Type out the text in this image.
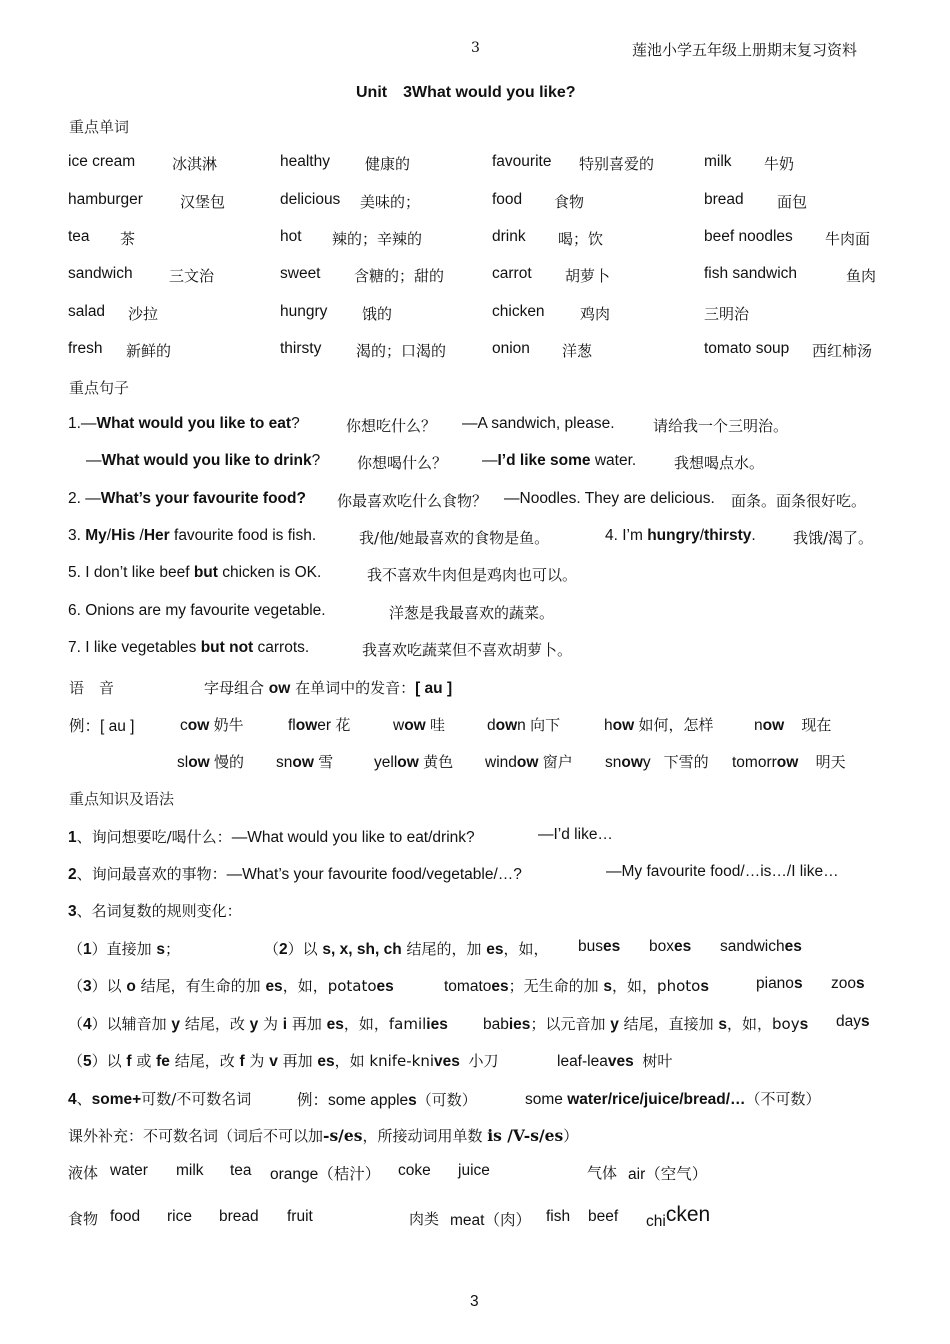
3	莲池小学五年级上册期末复习资料
Unit　3What would you like?
重点单词
ice cream 冰淇淋	healthy 健康的	favourite 特别喜爱的	milk 牛奶
hamburger 汉堡包	delicious 美味的；	food 食物	bread 面包
tea 茶	hot 辣的；辛辣的	drink 喝；饮	beef noodles 牛肉面
sandwich 三文治	sweet 含糖的；甜的	carrot 胡萝卜	fish sandwich	鱼肉
salad 沙拉	hungry 饿的	chicken 鸡肉	三明治
fresh 新鲜的	thirsty 渴的；口渴的	onion 洋葱	tomato soup 西红柿汤
重点句子
1.—What would you like to eat?	你想吃什么？ —A sandwich, please.	请给我一个三明治。
—What would you like to drink? 你想喝什么？ —I’d like some water.	我想喝点水。
2. —What’s your favourite food? 你最喜欢吃什么食物？ —Noodles. They are delicious. 面条。面条很好吃。
3. My/His /Her favourite food is fish.	我/他/她最喜欢的食物是鱼。	4. I’m hungry/thirsty. 我饿/渴了。
5. I don’t like beef but chicken is OK.	我不喜欢牛肉但是鸡肉也可以。
6. Onions are my favourite vegetable.	洋葱是我最喜欢的蔬菜。
7. I like vegetables but not carrots.	我喜欢吃蔬菜但不喜欢胡萝卜。
语　音	字母组合 ow 在单词中的发音：[ au ]
例：[ au ]	cow 奶牛	flower 花	wow 哇	down 向下	how 如何，怎样	now 现在
slow 慢的 snow 雪	yellow 黄色 window 窗户 snowy 下雪的 tomorrow 明天
重点知识及语法
1、询问想要吃/喝什么：—What would you like to eat/drink?	—I’d like…
2、询问最喜欢的事物：—What’s your favourite food/vegetable/…?	—My favourite food/…is…/I like…
3、名词复数的规则变化：
（1）直接加 s；	（2）以 s, x, sh, ch 结尾的，加 es，如， buses boxes sandwiches
（3）以 o 结尾，有生命的加 es，如，potatoes	tomatoes；无生命的加 s，如，photos	pianos zoos
（4）以辅音加 y 结尾，改 y 为 i 再加 es，如，families babies；以元音加 y 结尾，直接加 s，如，boys days
（5）以 f 或 fe 结尾，改 f 为 v 再加 es，如 knife-knives 小刀	leaf-leaves 树叶
4、some+可数/不可数名词	例：some apples（可数）	some water/rice/juice/bread/…（不可数）
课外补充：不可数名词（词后不可以加-s/es，所接动词用单数 is /V-s/es）
液体 water milk tea orange（桔汁） coke juice	气体 air（空气）
食物 food rice bread fruit	肉类 meat（肉） fish beef chicken
3
